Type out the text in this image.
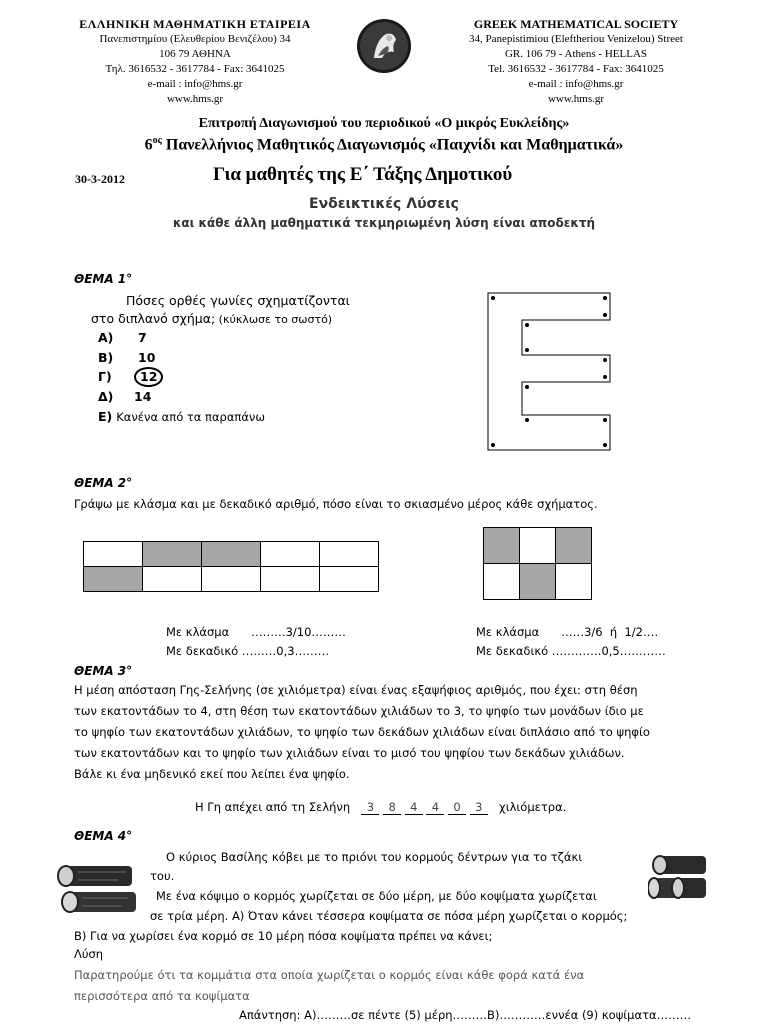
ΕΛΛΗΝΙΚΗ ΜΑΘΗΜΑΤΙΚΗ ΕΤΑΙΡΕΙΑ
Πανεπιστημίου (Ελευθερίου Βενιζέλου) 34
106 79 ΑΘΗΝΑ
Τηλ. 3616532 - 3617784 - Fax: 3641025
e-mail : info@hms.gr
www.hms.gr
GREEK MATHEMATICAL SOCIETY
34, Panepistimiou (Εleftheriou Venizelou) Street
GR. 106 79 - Athens - HELLAS
Tel. 3616532 - 3617784 - Fax: 3641025
e-mail : info@hms.gr
www.hms.gr
Επιτροπή Διαγωνισμού του περιοδικού «Ο μικρός Ευκλείδης»
$6^{o\varsigma}$ Πανελλήνιος Μαθητικός Διαγωνισμός «Παιχνίδι και Μαθηματικά»
30-3-2012	Για μαθητές της Ε΄ Τάξης Δημοτικού
Ενδεικτικές Λύσεις
και κάθε άλλη μαθηματικά τεκμηριωμένη λύση είναι αποδεκτή
ΘΕΜΑ 1°
Πόσες ορθές γωνίες σχηματίζονται
στο διπλανό σχήμα; (κύκλωσε το σωστό)
Α) 7
Β) 10
Γ) 12
Δ) 14
Ε) Κανένα από τα παραπάνω
ΘΕΜΑ 2°
Γράψω με κλάσμα και με δεκαδικό αριθμό, πόσο είναι το σκιασμένο μέρος κάθε σχήματος.

Με κλάσμα      ………3/10………
Με δεκαδικό ………0,3………
Με κλάσμα      ……3/6  ή  1/2….
Με δεκαδικό ………….0,5…………
ΘΕΜΑ 3°
Η μέση απόσταση Γης-Σελήνης (σε χιλιόμετρα) είναι ένας εξαψήφιος αριθμός, που έχει: στη θέση
των εκατοντάδων το 4, στη θέση των εκατοντάδων χιλιάδων το 3, το ψηφίο των μονάδων ίδιο με
το ψηφίο των εκατοντάδων χιλιάδων, το ψηφίο των δεκάδων χιλιάδων είναι διπλάσιο από το ψηφίο
των εκατοντάδων και το ψηφίο των χιλιάδων είναι το μισό του ψηφίου των δεκάδων χιλιάδων.
Βάλε κι ένα μηδενικό εκεί που λείπει ένα ψηφίο.
Η Γη απέχει από τη Σελήνη 3 8 4 4 0 3 χιλιόμετρα.
ΘΕΜΑ 4°
Ο κύριος Βασίλης κόβει με το πριόνι του κορμούς δέντρων για το τζάκι
του.
Με ένα κόψιμο ο κορμός χωρίζεται σε δύο μέρη, με δύο κοψίματα χωρίζεται
σε τρία μέρη. Α) Όταν κάνει τέσσερα κοψίματα σε πόσα μέρη χωρίζεται ο κορμός;
Β) Για να χωρίσει ένα κορμό σε 10 μέρη πόσα κοψίματα πρέπει να κάνει;
Λύση
Παρατηρούμε ότι τα κομμάτια στα οποία χωρίζεται ο κορμός είναι κάθε φορά κατά ένα
περισσότερα από τα κοψίματα
Απάντηση: Α)………σε πέντε (5) μέρη………Β)…………εννέα (9) κοψίματα………
